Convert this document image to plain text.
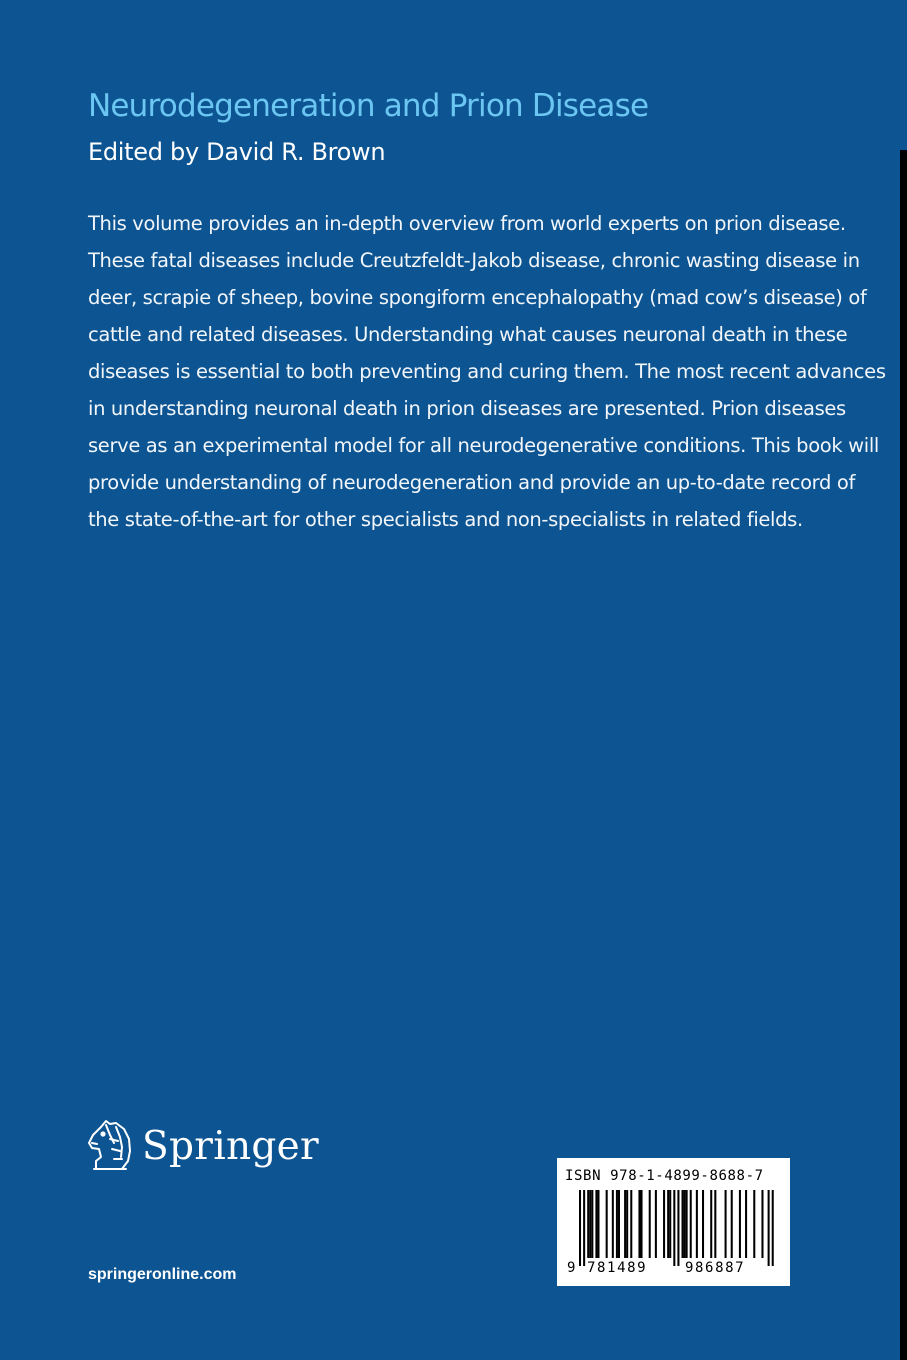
Neurodegeneration and Prion Disease
Edited by David R. Brown
This volume provides an in-depth overview from world experts on prion disease.
These fatal diseases include Creutzfeldt-Jakob disease, chronic wasting disease in
deer, scrapie of sheep, bovine spongiform encephalopathy (mad cow’s disease) of
cattle and related diseases. Understanding what causes neuronal death in these
diseases is essential to both preventing and curing them. The most recent advances
in understanding neuronal death in prion diseases are presented. Prion diseases
serve as an experimental model for all neurodegenerative conditions. This book will
provide understanding of neurodegeneration and provide an up-to-date record of
the state-of-the-art for other specialists and non-specialists in related fields.
Springer
springeronline.com
ISBN 978-1-4899-8688-7
9 781489	986887
